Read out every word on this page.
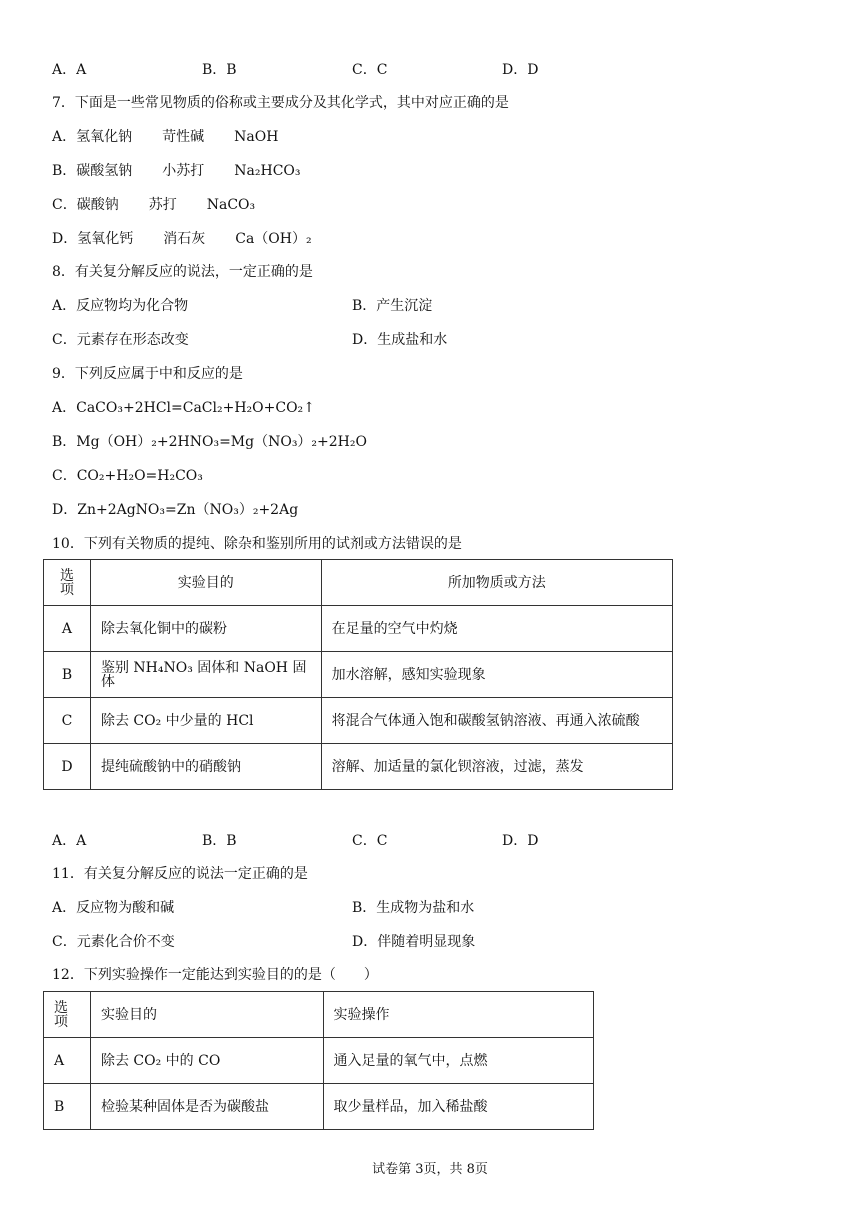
A．A	B．B	C．C	D．D
7．下面是一些常见物质的俗称或主要成分及其化学式，其中对应正确的是
A．氢氧化钠 苛性碱 NaOH
B．碳酸氢钠 小苏打 Na₂HCO₃
C．碳酸钠 苏打 NaCO₃
D．氢氧化钙 消石灰 Ca（OH）₂
8．有关复分解反应的说法，一定正确的是
A．反应物均为化合物	B．产生沉淀
C．元素存在形态改变	D．生成盐和水
9．下列反应属于中和反应的是
A．CaCO₃+2HCl=CaCl₂+H₂O+CO₂↑
B．Mg（OH）₂+2HNO₃=Mg（NO₃）₂+2H₂O
C．CO₂+H₂O=H₂CO₃
D．Zn+2AgNO₃=Zn（NO₃）₂+2Ag
10．下列有关物质的提纯、除杂和鉴别所用的试剂或方法错误的是
选项	实验目的	所加物质或方法
A	除去氧化铜中的碳粉	在足量的空气中灼烧
B	鉴别 NH₄NO₃ 固体和 NaOH 固体	加水溶解，感知实验现象
C	除去 CO₂ 中少量的 HCl	将混合气体通入饱和碳酸氢钠溶液、再通入浓硫酸
D	提纯硫酸钠中的硝酸钠	溶解、加适量的氯化钡溶液，过滤，蒸发
A．A	B．B	C．C	D．D
11．有关复分解反应的说法一定正确的是
A．反应物为酸和碱	B．生成物为盐和水
C．元素化合价不变	D．伴随着明显现象
12．下列实验操作一定能达到实验目的的是（　　）
选项	实验目的	实验操作
A	除去 CO₂ 中的 CO	通入足量的氧气中，点燃
B	检验某种固体是否为碳酸盐	取少量样品，加入稀盐酸
试卷第 3页，共 8页
